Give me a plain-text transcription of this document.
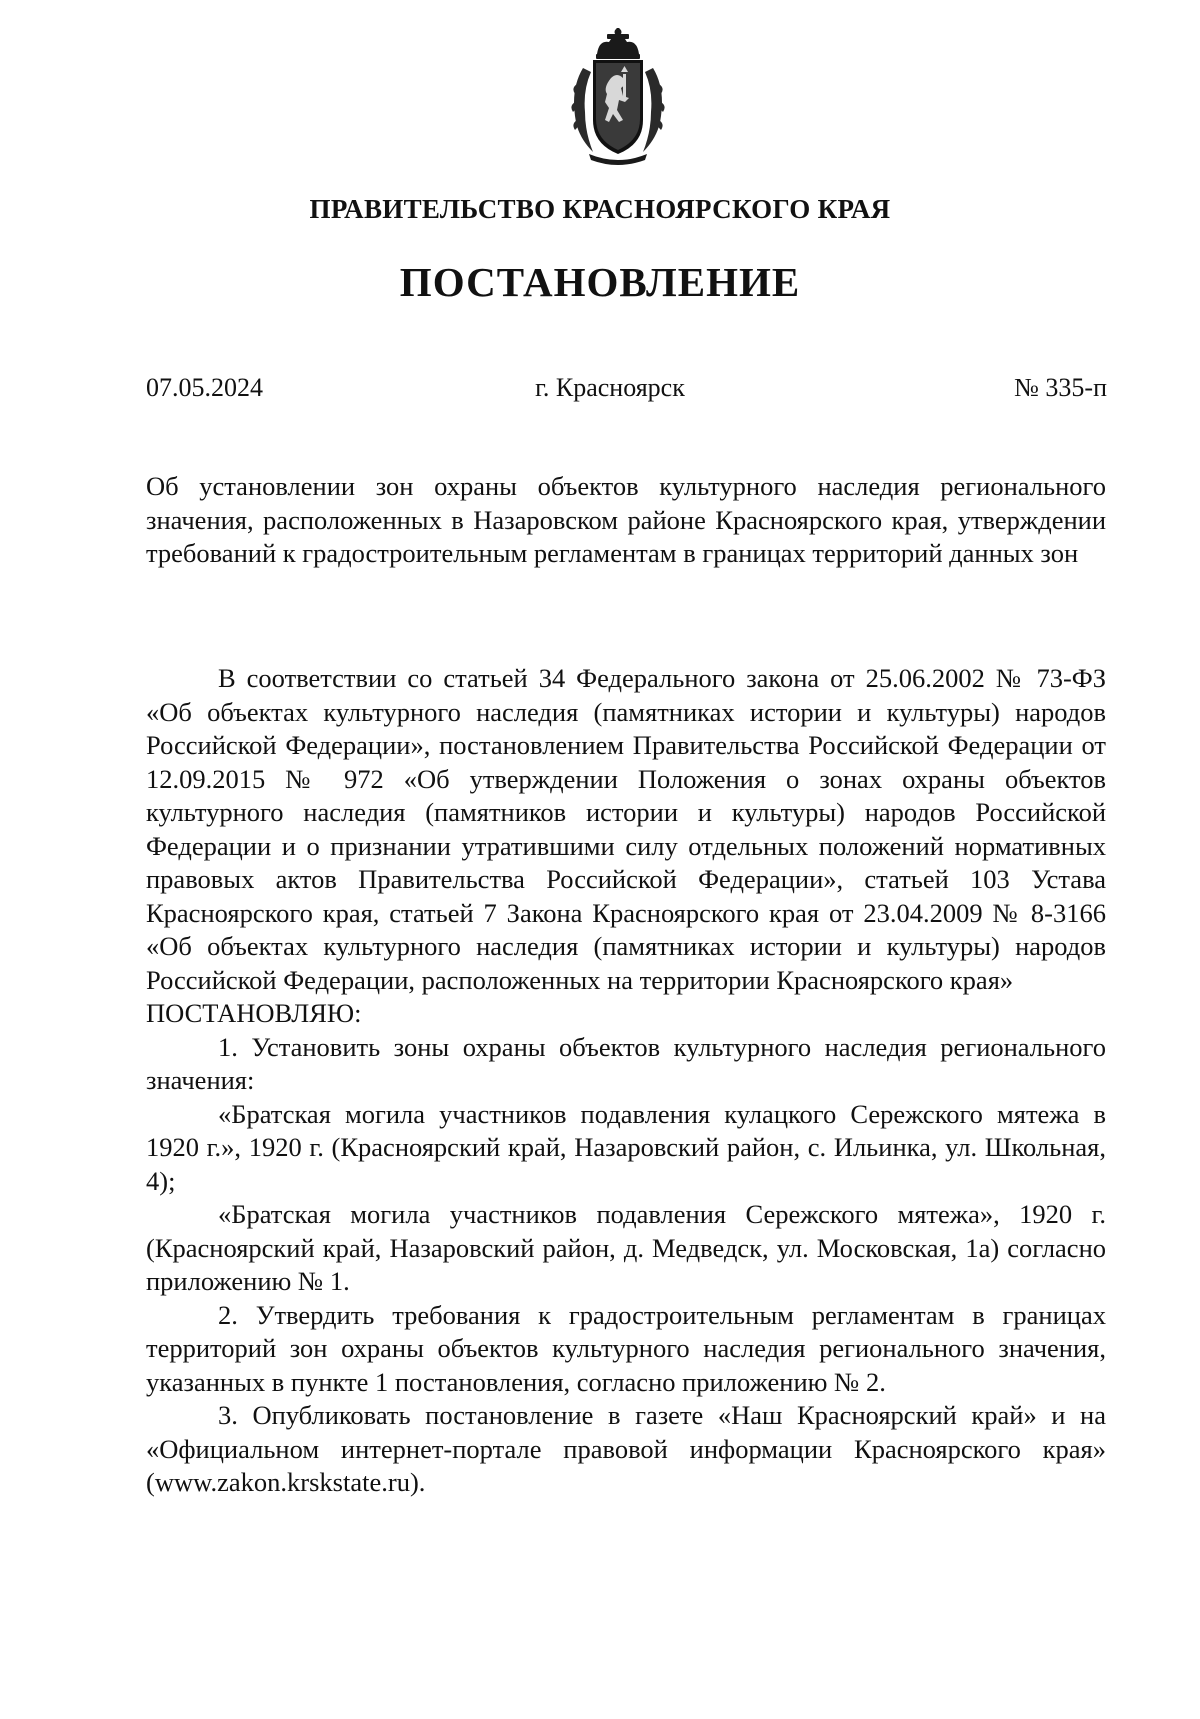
ПРАВИТЕЛЬСТВО КРАСНОЯРСКОГО КРАЯ
ПОСТАНОВЛЕНИЕ
г. Красноярск
07.05.2024	№ 335-п
Об установлении зон охраны объектов культурного наследия регионального значения, расположенных в Назаровском районе Красноярского края, утверждении требований к градостроительным регламентам в границах территорий данных зон

В соответствии со статьей 34 Федерального закона от 25.06.2002 № 73-ФЗ «Об объектах культурного наследия (памятниках истории и культуры) народов Российской Федерации», постановлением Правительства Российской Федерации от 12.09.2015 № 972 «Об утверждении Положения о зонах охраны объектов культурного наследия (памятников истории и культуры) народов Российской Федерации и о признании утратившими силу отдельных положений нормативных правовых актов Правительства Российской Федерации», статьей 103 Устава Красноярского края, статьей 7 Закона Красноярского края от 23.04.2009 № 8-3166 «Об объектах культурного наследия (памятниках истории и культуры) народов Российской Федерации, расположенных на территории Красноярского края»

ПОСТАНОВЛЯЮ:

1. Установить зоны охраны объектов культурного наследия регионального значения:

«Братская могила участников подавления кулацкого Сережского мятежа в 1920 г.», 1920 г. (Красноярский край, Назаровский район, с. Ильинка, ул. Школьная, 4);

«Братская могила участников подавления Сережского мятежа», 1920 г. (Красноярский край, Назаровский район, д. Медведск, ул. Московская, 1а) согласно приложению № 1.

2. Утвердить требования к градостроительным регламентам в границах территорий зон охраны объектов культурного наследия регионального значения, указанных в пункте 1 постановления, согласно приложению № 2.

3. Опубликовать постановление в газете «Наш Красноярский край» и на «Официальном интернет-портале правовой информации Красноярского края» (www.zakon.krskstate.ru).
